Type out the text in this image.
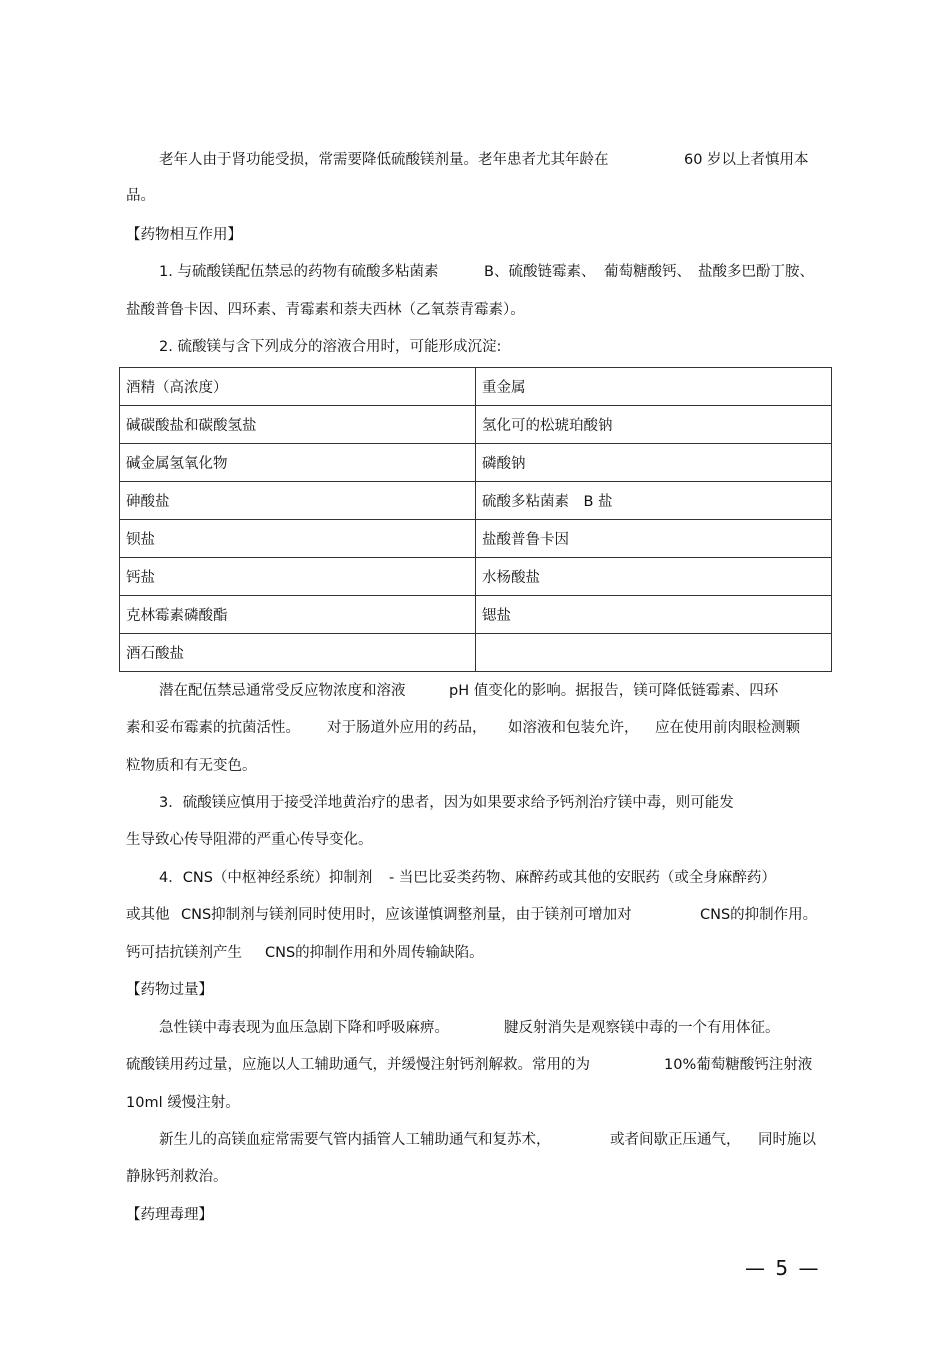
老年人由于肾功能受损，常需要降低硫酸镁剂量。老年患者尤其年龄在	60 岁以上者慎用本
品。
【药物相互作用】
1. 与硫酸镁配伍禁忌的药物有硫酸多粘菌素	B、硫酸链霉素、 葡萄糖酸钙、 盐酸多巴酚丁胺、
盐酸普鲁卡因、四环素、青霉素和萘夫西林（乙氧萘青霉素）。
2. 硫酸镁与含下列成分的溶液合用时，可能形成沉淀:
酒精（高浓度）	重金属
碱碳酸盐和碳酸氢盐	氢化可的松琥珀酸钠
碱金属氢氧化物	磷酸钠
砷酸盐	硫酸多粘菌素　B 盐
钡盐	盐酸普鲁卡因
钙盐	水杨酸盐
克林霉素磷酸酯	锶盐
酒石酸盐	
潜在配伍禁忌通常受反应物浓度和溶液	pH 值变化的影响。据报告，镁可降低链霉素、四环
素和妥布霉素的抗菌活性。 对于肠道外应用的药品， 如溶液和包装允许， 应在使用前肉眼检测颗
粒物质和有无变色。
3．硫酸镁应慎用于接受洋地黄治疗的患者，因为如果要求给予钙剂治疗镁中毒，则可能发
生导致心传导阻滞的严重心传导变化。
4．CNS（中枢神经系统）抑制剂 - 当巴比妥类药物、麻醉药或其他的安眠药（或全身麻醉药）
或其他 CNS抑制剂与镁剂同时使用时，应该谨慎调整剂量，由于镁剂可增加对	CNS的抑制作用。
钙可拮抗镁剂产生 CNS的抑制作用和外周传输缺陷。
【药物过量】
急性镁中毒表现为血压急剧下降和呼吸麻痹。	腱反射消失是观察镁中毒的一个有用体征。
硫酸镁用药过量，应施以人工辅助通气，并缓慢注射钙剂解救。常用的为	10%葡萄糖酸钙注射液
10ml 缓慢注射。
新生儿的高镁血症常需要气管内插管人工辅助通气和复苏术，	或者间歇正压通气， 同时施以
静脉钙剂救治。
【药理毒理】
— 5 —
